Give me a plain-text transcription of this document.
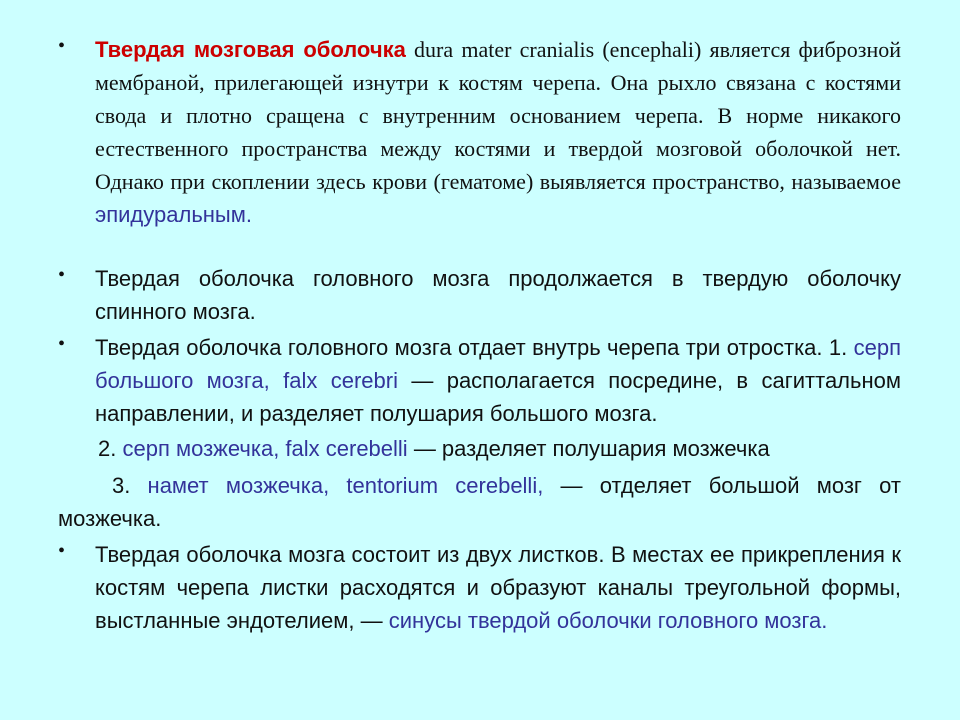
• Твердая мозговая оболочка dura mater cranialis (encephali) является фиброзной мембраной, прилегающей изнутри к костям черепа. Она рыхло связана с костями свода и плотно сращена с внутренним основанием черепа. В норме никакого естественного пространства между костями и твердой мозговой оболочкой нет. Однако при скоплении здесь крови (гематоме) выявляется пространство, называемое эпидуральным.
• Твердая оболочка головного мозга продолжается в твердую оболочку спинного мозга.
• Твердая оболочка головного мозга отдает внутрь черепа три отростка. 1. серп большого мозга, falx cerebri — располагается посредине, в сагиттальном направлении, и разделяет полушария большого мозга.
2. серп мозжечка, falx cerebelli — разделяет полушария мозжечка
3. намет мозжечка, tentorium cerebelli, — отделяет большой мозг от мозжечка.
• Твердая оболочка мозга состоит из двух листков. В местах ее прикрепления к костям черепа листки расходятся и образуют каналы треугольной формы, выстланные эндотелием, — синусы твердой оболочки головного мозга.
